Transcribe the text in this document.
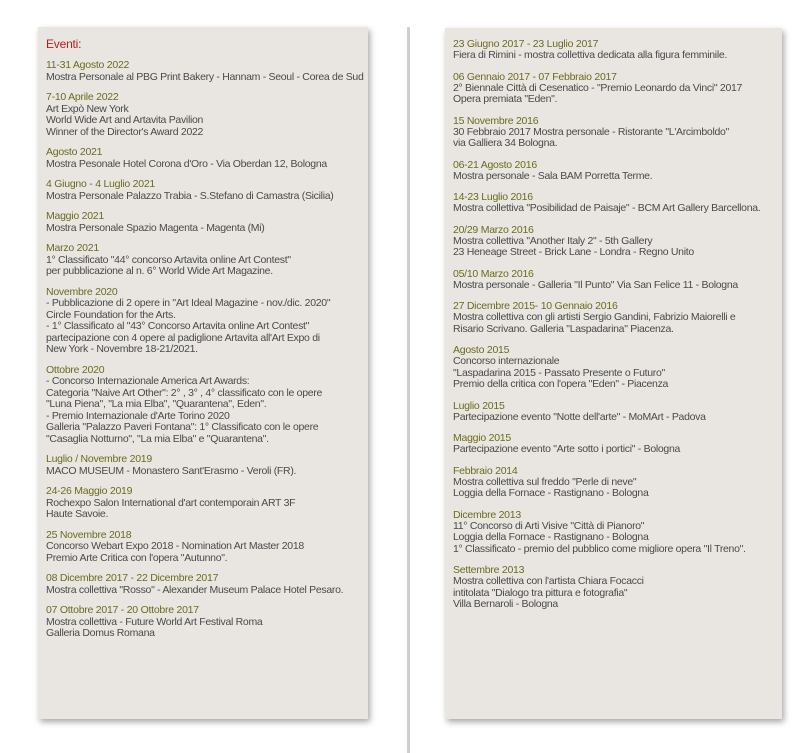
Eventi:
11-31 Agosto 2022
Mostra Personale al PBG Print Bakery - Hannam - Seoul - Corea de Sud
7-10 Aprile 2022
Art Expò New York
World Wide Art and Artavita Pavilion
Winner of the Director's Award 2022
Agosto 2021
Mostra Pesonale Hotel Corona d'Oro - Via Oberdan 12, Bologna
4 Giugno - 4 Luglio 2021
Mostra Personale Palazzo Trabia - S.Stefano di Camastra (Sicilia)
Maggio 2021
Mostra Personale Spazio Magenta - Magenta (Mi)
Marzo 2021
1° Classificato "44° concorso Artavita online Art Contest"
per pubblicazione al n. 6° World Wide Art Magazine.
Novembre 2020
- Pubblicazione di 2 opere in "Art Ideal Magazine - nov./dic. 2020"
Circle Foundation for the Arts.
- 1° Classificato al "43° Concorso Artavita online Art Contest"
partecipazione con 4 opere al padiglione Artavita all'Art Expo di
New York - Novembre 18-21/2021.
Ottobre 2020
- Concorso Internazionale America Art Awards:
Categoria "Naive Art Other": 2° , 3° , 4° classificato con le opere
"Luna Piena", "La mia Elba", "Quarantena", Eden".
- Premio Internazionale d'Arte Torino 2020
Galleria "Palazzo Paveri Fontana": 1° Classificato con le opere
"Casaglia Notturno", "La mia Elba" e "Quarantena".
Luglio / Novembre 2019
MACO MUSEUM - Monastero Sant'Erasmo - Veroli (FR).
24-26 Maggio 2019
Rochexpo Salon International d'art contemporain ART 3F
Haute Savoie.
25 Novembre 2018
Concorso Webart Expo 2018 - Nomination Art Master 2018
Premio Arte Critica con l'opera "Autunno".
08 Dicembre 2017 - 22 Dicembre 2017
Mostra collettiva "Rosso" - Alexander Museum Palace Hotel Pesaro.
07 Ottobre 2017 - 20 Ottobre 2017
Mostra collettiva - Future World Art Festival Roma
Galleria Domus Romana
23 Giugno 2017 - 23 Luglio 2017
Fiera di Rimini - mostra collettiva dedicata alla figura femminile.
06 Gennaio 2017 - 07 Febbraio 2017
2° Biennale Città di Cesenatico - "Premio Leonardo da Vinci" 2017
Opera premiata "Eden".
15 Novembre 2016
30 Febbraio 2017 Mostra personale - Ristorante "L'Arcimboldo"
via Galliera 34 Bologna.
06-21 Agosto 2016
Mostra personale - Sala BAM Porretta Terme.
14-23 Luglio 2016
Mostra collettiva "Posibilidad de Paisaje" - BCM Art Gallery Barcellona.
20/29 Marzo 2016
Mostra collettiva "Another Italy 2" - 5th Gallery
23 Heneage Street - Brick Lane - Londra - Regno Unito
05/10 Marzo 2016
Mostra personale - Galleria "Il Punto" Via San Felice 11 - Bologna
27 Dicembre 2015- 10 Gennaio 2016
Mostra collettiva con gli artisti Sergio Gandini, Fabrizio Maiorelli e
Risario Scrivano. Galleria "Laspadarina" Piacenza.
Agosto 2015
Concorso internazionale
"Laspadarina 2015 - Passato Presente o Futuro"
Premio della critica con l'opera "Eden" - Piacenza
Luglio 2015
Partecipazione evento "Notte dell'arte" - MoMArt - Padova
Maggio 2015
Partecipazione evento "Arte sotto i portici" - Bologna
Febbraio 2014
Mostra collettiva sul freddo "Perle di neve"
Loggia della Fornace - Rastignano - Bologna
Dicembre 2013
11° Concorso di Arti Visive "Città di Pianoro"
Loggia della Fornace - Rastignano - Bologna
1° Classificato - premio del pubblico come migliore opera "Il Treno".
Settembre 2013
Mostra collettiva con l'artista Chiara Focacci
intitolata "Dialogo tra pittura e fotografia"
Villa Bernaroli - Bologna
